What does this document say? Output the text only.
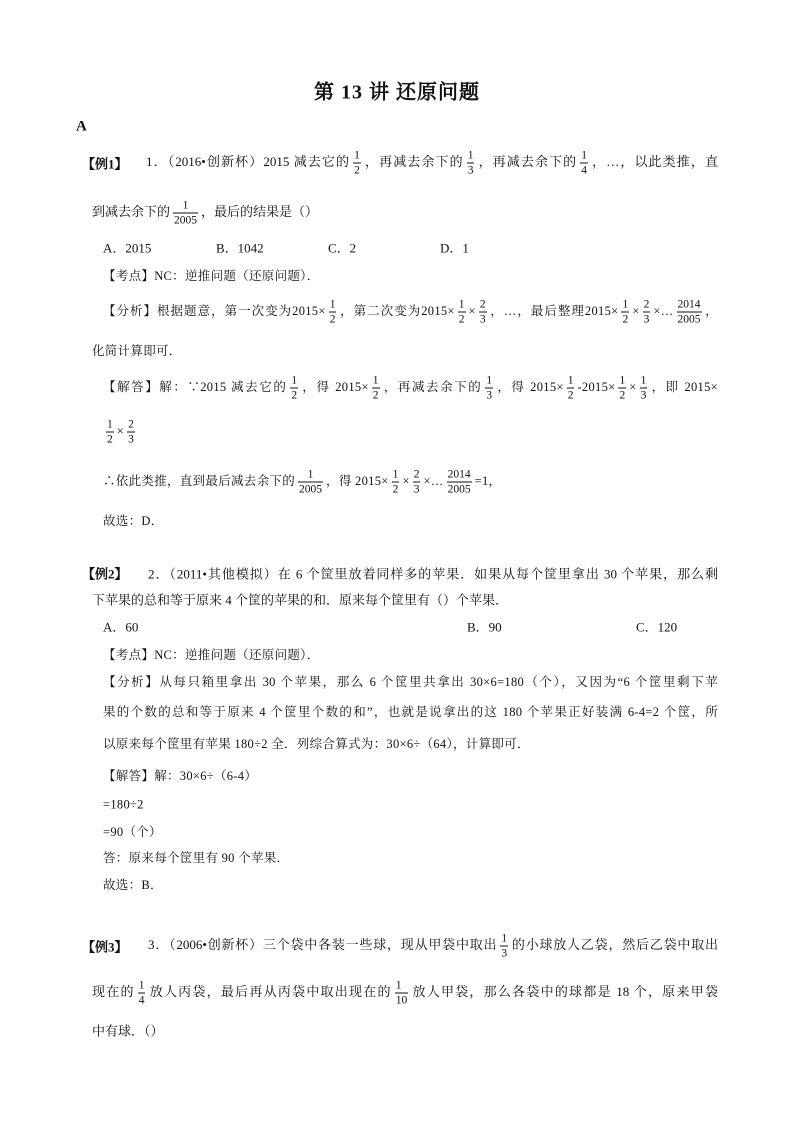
第 13 讲 还原问题
A
【例1】 1．（2016•创新杯）2015 减去它的 $\frac{1}{2}$ ，再减去余下的 $\frac{1}{3}$ ，再减去余下的 $\frac{1}{4}$ ，…，以此类推，直
到减去余下的 $\frac{1}{2005}$ ，最后的结果是（）
A．2015	B．1042	C．2	D．1
【考点】NC：逆推问题（还原问题）．
【分析】根据题意，第一次变为$2015\times \frac{1}{2}$ ，第二次变为$2015\times \frac{1}{2} \times \frac{2}{3}$ ，…，最后整理$2015\times \frac{1}{2} \times \frac{2}{3}$ ×… $\frac{2014}{2005}$ ，
化简计算即可．
【解答】解：∵2015 减去它的 $\frac{1}{2}$ ，得 $2015\times \frac{1}{2}$ ，再减去余下的 $\frac{1}{3}$ ，得 $2015\times \frac{1}{2} -2015\times \frac{1}{2} \times \frac{1}{3}$ ，即 2015×
$\frac{1}{2} \times \frac{2}{3}$
∴依此类推，直到最后减去余下的 $\frac{1}{2005}$ ，得 $2015\times \frac{1}{2} \times \frac{2}{3}$ ×… $\frac{2014}{2005} =1$，
故选：D．
【例2】 2．（2011•其他模拟）在 6 个筐里放着同样多的苹果．如果从每个筐里拿出 30 个苹果，那么剩
下苹果的总和等于原来 4 个筐的苹果的和．原来每个筐里有（）个苹果．
A．60	B．90	C．120
【考点】NC：逆推问题（还原问题）．
【分析】从每只箱里拿出 30 个苹果，那么 6 个筐里共拿出 30×6=180（个），又因为“6 个筐里剩下苹
果的个数的总和等于原来 4 个筐里个数的和”，也就是说拿出的这 180 个苹果正好装满 6-4=2 个筐，所
以原来每个筐里有苹果 180÷2 全．列综合算式为：30×6÷（64），计算即可．
【解答】解：30×6÷（6-4）
=180÷2
=90（个）
答：原来每个筐里有 90 个苹果．
故选：B．
【例3】 3．（2006•创新杯）三个袋中各装一些球，现从甲袋中取出 $\frac{1}{3}$ 的小球放人乙袋，然后乙袋中取出
现在的 $\frac{1}{4}$ 放人丙袋，最后再从丙袋中取出现在的 $\frac{1}{10}$ 放人甲袋，那么各袋中的球都是 18 个，原来甲袋
中有球．（）
